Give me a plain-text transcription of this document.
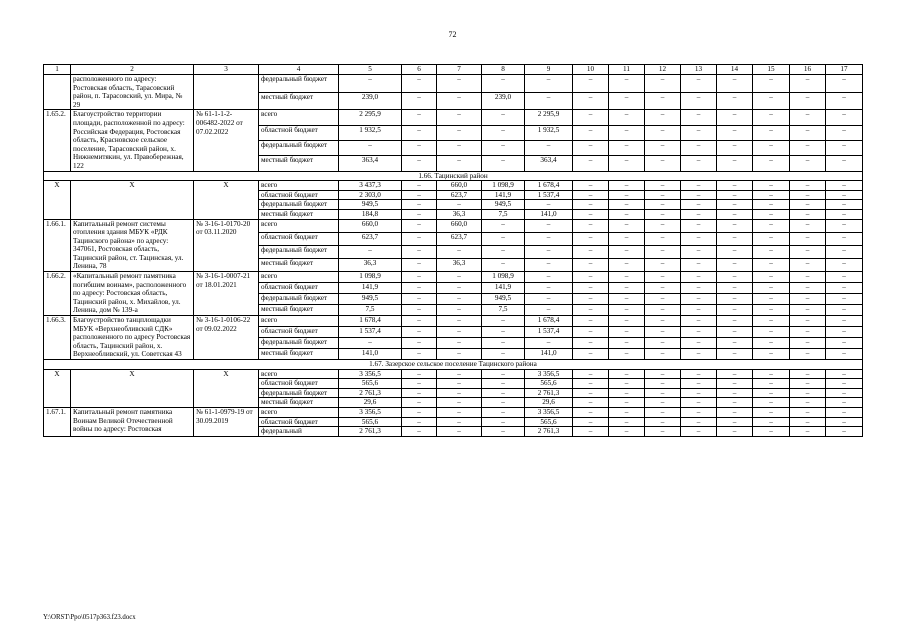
72
1	2	3	4	5	6	7	8	9	10	11	12	13	14	15	16	17
	расположенного по адресу: Ростовская область, Тарасовский район, п. Тарасовский, ул. Мира, № 29		федеральный бюджет	–	–	–	–	–	–	–	–	–	–	–	–	–
			местный бюджет	239,0	–	–	239,0	–	–	–	–	–	–	–	–	–
1.65.2.	Благоустройство территории площади, расположенной по адресу: Российская Федерация, Ростовская область, Красновское сельское поселение, Тарасовский район, х. Нижнемитякин, ул. Правобережная, 122	№ 61-1-1-2-006482-2022 от 07.02.2022	всего	2 295,9	–	–	–	2 295,9	–	–	–	–	–	–	–	–
			областной бюджет	1 932,5	–	–	–	1 932,5	–	–	–	–	–	–	–	–
			федеральный бюджет	–	–	–	–	–	–	–	–	–	–	–	–	–
			местный бюджет	363,4	–	–	–	363,4	–	–	–	–	–	–	–	–
1.66. Тацинский район																
Х	Х	Х	всего	3 437,3	–	660,0	1 098,9	1 678,4	–	–	–	–	–	–	–	–
			областной бюджет	2 303,0	–	623,7	141,9	1 537,4	–	–	–	–	–	–	–	–
			федеральный бюджет	949,5	–	–	949,5	–	–	–	–	–	–	–	–	–
			местный бюджет	184,8	–	36,3	7,5	141,0	–	–	–	–	–	–	–	–
1.66.1.	Капитальный ремонт системы отопления здания МБУК «РДК Тацинского района» по адресу: 347061, Ростовская область, Тацинский район, ст. Тацинская, ул. Ленина, 78	№ 3-16-1-0170-20 от 03.11.2020	всего	660,0	–	660,0	–	–	–	–	–	–	–	–	–	–
			областной бюджет	623,7	–	623,7	–	–	–	–	–	–	–	–	–	–
			федеральный бюджет	–	–	–	–	–	–	–	–	–	–	–	–	–
			местный бюджет	36,3	–	36,3	–	–	–	–	–	–	–	–	–	–
1.66.2.	«Капитальный ремонт памятника погибшим воинам», расположенного по адресу: Ростовская область, Тацинский район, х. Михайлов, ул. Ленина, дом № 139-а	№ 3-16-1-0007-21 от 18.01.2021	всего	1 098,9	–	–	1 098,9	–	–	–	–	–	–	–	–	–
			областной бюджет	141,9	–	–	141,9	–	–	–	–	–	–	–	–	–
			федеральный бюджет	949,5	–	–	949,5	–	–	–	–	–	–	–	–	–
			местный бюджет	7,5	–	–	7,5	–	–	–	–	–	–	–	–	–
1.66.3.	Благоустройство танцплощадки МБУК «Верхнеобливский СДК» расположенного по адресу Ростовская область, Тацинский район, х. Верхнеобливский, ул. Советская 43	№ 3-16-1-0106-22 от 09.02.2022	всего	1 678,4	–	–	–	1 678,4	–	–	–	–	–	–	–	–
			областной бюджет	1 537,4	–	–	–	1 537,4	–	–	–	–	–	–	–	–
			федеральный бюджет	–	–	–	–	–	–	–	–	–	–	–	–	–
			местный бюджет	141,0	–	–	–	141,0	–	–	–	–	–	–	–	–
1.67. Зазерское сельское поселение Тацинского района																
Х	Х	Х	всего	3 356,5	–	–	–	3 356,5	–	–	–	–	–	–	–	–
			областной бюджет	565,6	–	–	–	565,6	–	–	–	–	–	–	–	–
			федеральный бюджет	2 761,3	–	–	–	2 761,3	–	–	–	–	–	–	–	–
			местный бюджет	29,6	–	–	–	29,6	–	–	–	–	–	–	–	–
1.67.1.	Капитальный ремонт памятника Воинам Великой Отечественной войны по адресу: Ростовская	№ 61-1-0979-19 от 30.09.2019	всего	3 356,5	–	–	–	3 356,5	–	–	–	–	–	–	–	–
			областной бюджет	565,6	–	–	–	565,6	–	–	–	–	–	–	–	–
			федеральный	2 761,3	–	–	–	2 761,3	–	–	–	–	–	–	–	–
Y:\ORST\Ppo\0517p363.f23.docx
